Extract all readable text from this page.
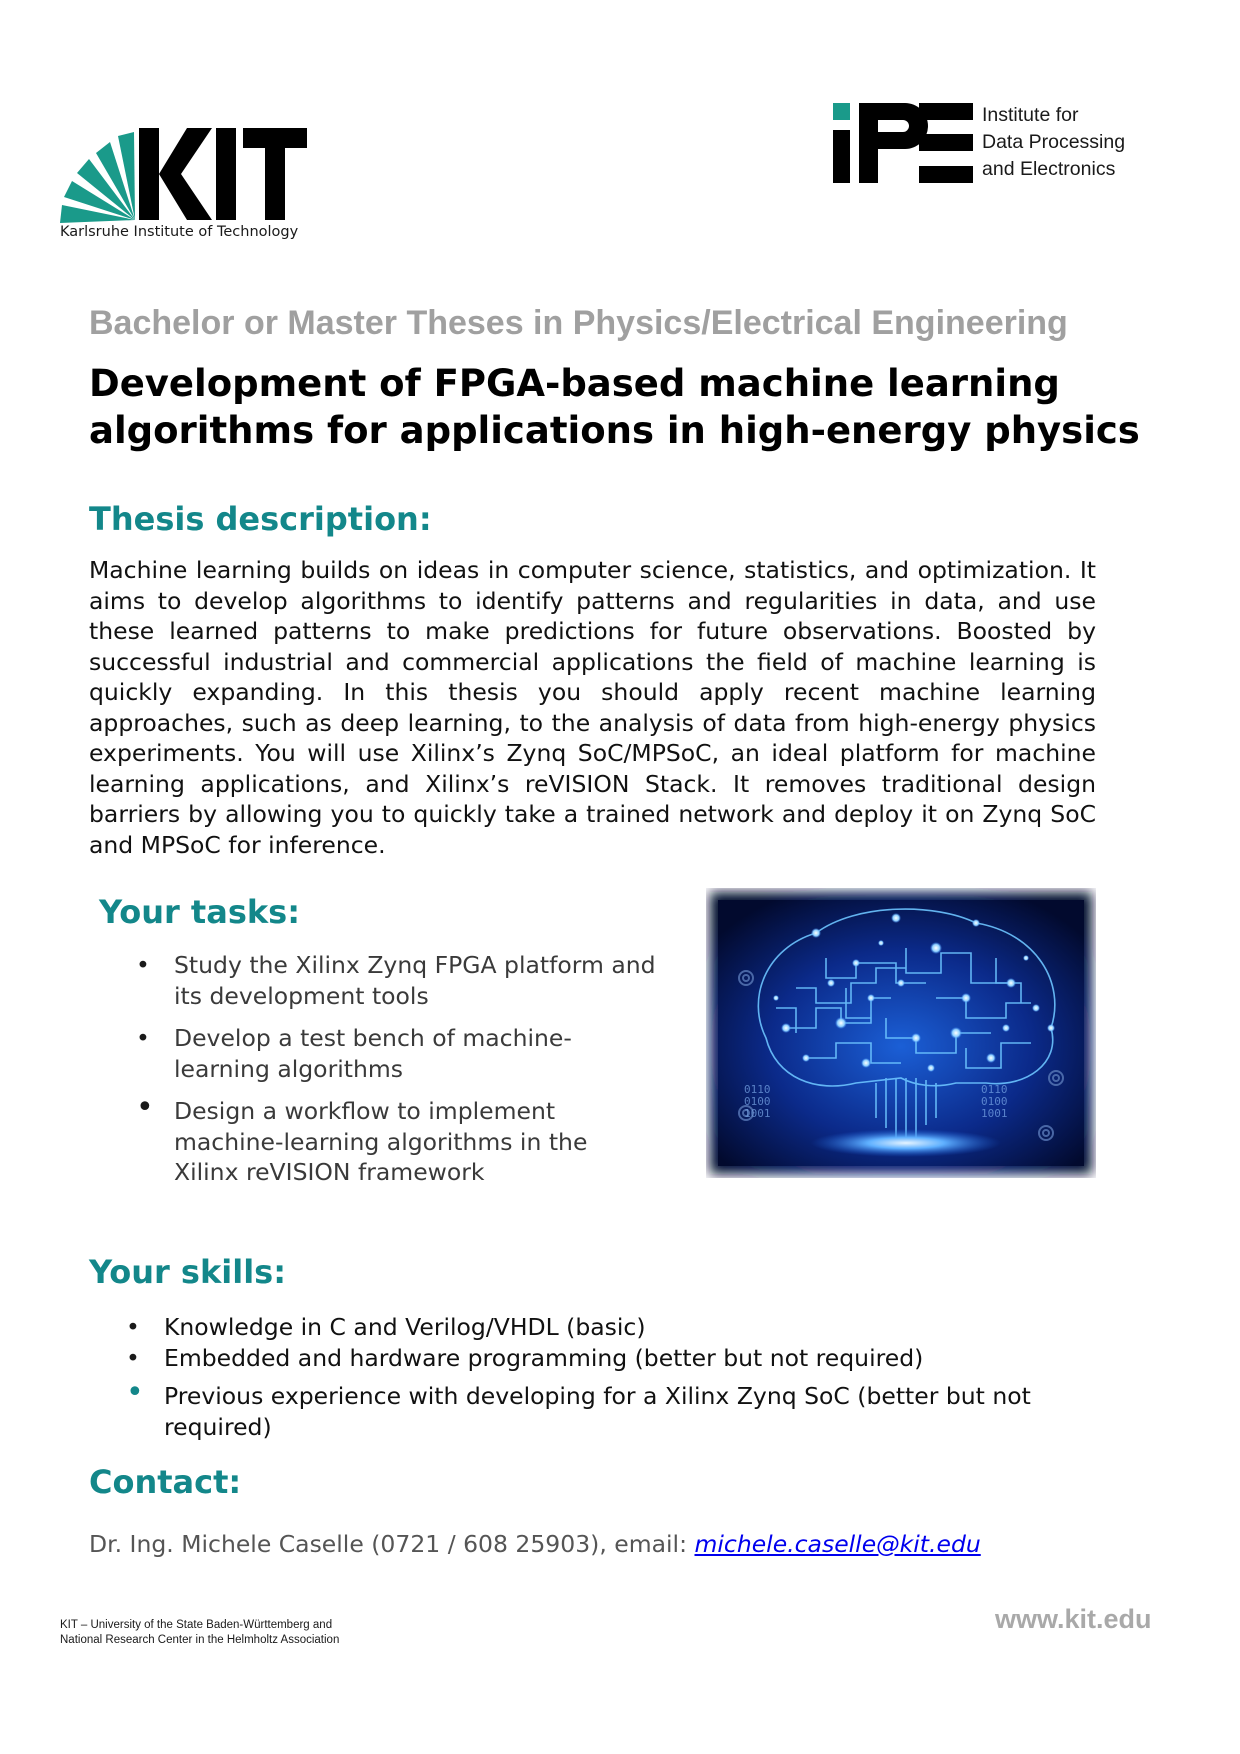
Karlsruhe Institute of Technology
Institute for
Data Processing
and Electronics
Bachelor or Master Theses in Physics/Electrical Engineering
Development of FPGA-based machine learning
algorithms for applications in high-energy physics
Thesis description:
Machine learning builds on ideas in computer science, statistics, and optimization. It aims to develop algorithms to identify patterns and regularities in data, and use these learned patterns to make predictions for future observations. Boosted by successful industrial and commercial applications the field of machine learning is quickly expanding. In this thesis you should apply recent machine learning approaches, such as deep learning, to the analysis of data from high-energy physics experiments. You will use Xilinx’s Zynq SoC/MPSoC, an ideal platform for machine learning applications, and Xilinx’s reVISION Stack. It removes traditional design barriers by allowing you to quickly take a trained network and deploy it on Zynq SoC and MPSoC for inference.
Your tasks:
• Study the Xilinx Zynq FPGA platform and its development tools
• Develop a test bench of machine-learning algorithms
• Design a workflow to implement machine-learning algorithms in the Xilinx reVISION framework
0110
0100
1001
0110
0100
1001
Your skills:
• Knowledge in C and Verilog/VHDL (basic)
• Embedded and hardware programming (better but not required)
• Previous experience with developing for a Xilinx Zynq SoC (better but not required)
Contact:
Dr. Ing. Michele Caselle (0721 / 608 25903), email: michele.caselle@kit.edu
KIT – University of the State Baden-Württemberg and
National Research Center in the Helmholtz Association
www.kit.edu
